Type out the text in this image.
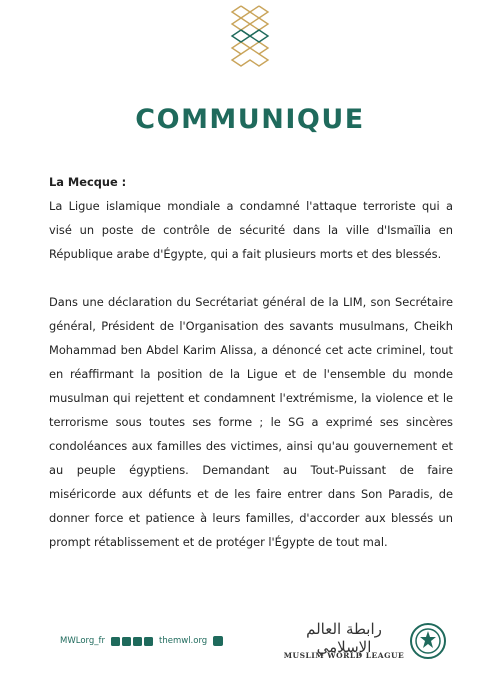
COMMUNIQUE

La Mecque :

La Ligue islamique mondiale a condamné l'attaque terroriste qui a visé un poste de contrôle de sécurité dans la ville d'Ismaïlia en République arabe d'Égypte, qui a fait plusieurs morts et des blessés.

Dans une déclaration du Secrétariat général de la LIM, son Secrétaire général, Président de l'Organisation des savants musulmans, Cheikh Mohammad ben Abdel Karim Alissa, a dénoncé cet acte criminel, tout en réaffirmant la position de la Ligue et de l'ensemble du monde musulman qui rejettent et condamnent l'extrémisme, la violence et le terrorisme sous toutes ses forme ; le SG a exprimé ses sincères condoléances aux familles des victimes, ainsi qu'au gouvernement et au peuple égyptiens. Demandant au Tout-Puissant de faire miséricorde aux défunts et de les faire entrer dans Son Paradis, de donner force et patience à leurs familles, d'accorder aux blessés un prompt rétablissement et de protéger l'Égypte de tout mal.

MWLorg_fr	themwl.org
رابطة العالم الإسلامي
MUSLIM WORLD LEAGUE
